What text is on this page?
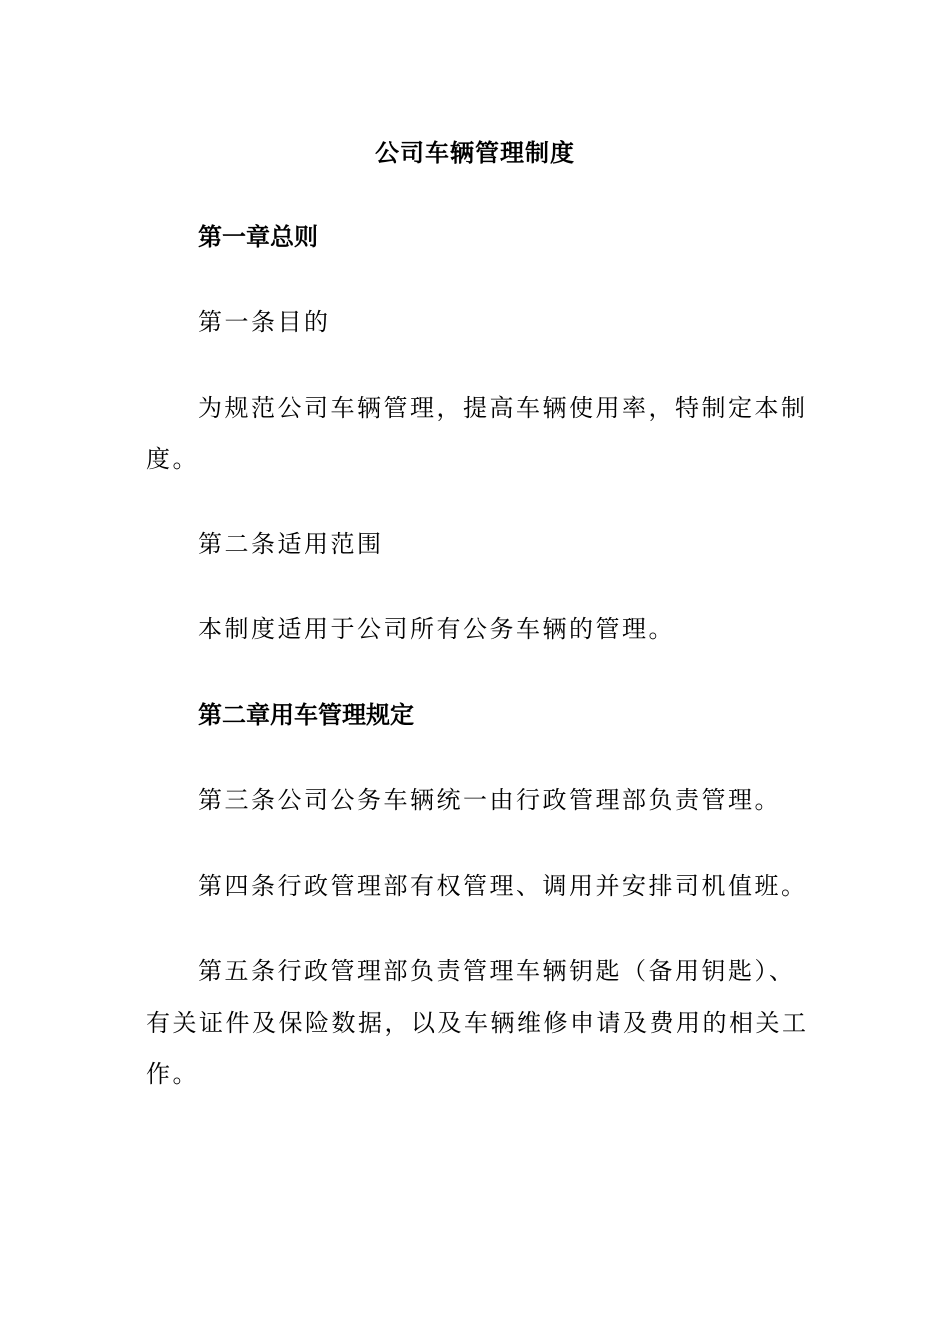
公司车辆管理制度
第一章总则
第一条目的
为规范公司车辆管理，提高车辆使用率，特制定本制
度。
第二条适用范围
本制度适用于公司所有公务车辆的管理。
第二章用车管理规定
第三条公司公务车辆统一由行政管理部负责管理。
第四条行政管理部有权管理、调用并安排司机值班。
第五条行政管理部负责管理车辆钥匙（备用钥匙）、
有关证件及保险数据，以及车辆维修申请及费用的相关工
作。
